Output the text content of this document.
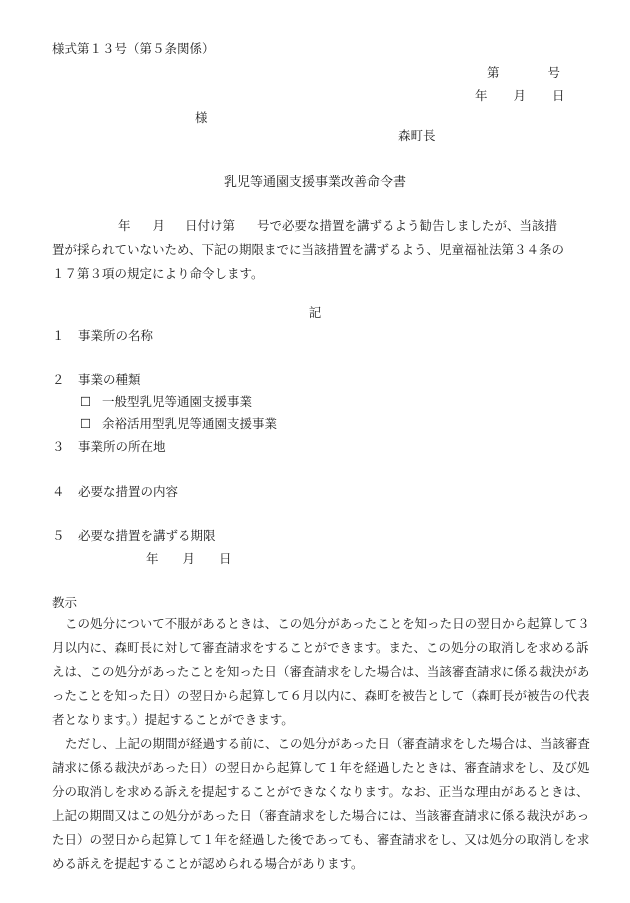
様式第１３号（第５条関係）
第	号
年 月 日
様
森町長
乳児等通園支援事業改善命令書
年 月 日付け第 号で必要な措置を講ずるよう勧告しましたが、当該措
置が採られていないため、下記の期限までに当該措置を講ずるよう、児童福祉法第３４条の
１７第３項の規定により命令します。
記
１ 事業所の名称
２ 事業の種類
☐ 一般型乳児等通園支援事業
☐ 余裕活用型乳児等通園支援事業
３ 事業所の所在地
４ 必要な措置の内容
５ 必要な措置を講ずる期限
年 月 日
教示
この処分について不服があるときは、この処分があったことを知った日の翌日から起算して３
月以内に、森町長に対して審査請求をすることができます。また、この処分の取消しを求める訴
えは、この処分があったことを知った日（審査請求をした場合は、当該審査請求に係る裁決があ
ったことを知った日）の翌日から起算して６月以内に、森町を被告として（森町長が被告の代表
者となります。）提起することができます。
ただし、上記の期間が経過する前に、この処分があった日（審査請求をした場合は、当該審査
請求に係る裁決があった日）の翌日から起算して１年を経過したときは、審査請求をし、及び処
分の取消しを求める訴えを提起することができなくなります。なお、正当な理由があるときは、
上記の期間又はこの処分があった日（審査請求をした場合には、当該審査請求に係る裁決があっ
た日）の翌日から起算して１年を経過した後であっても、審査請求をし、又は処分の取消しを求
める訴えを提起することが認められる場合があります。
